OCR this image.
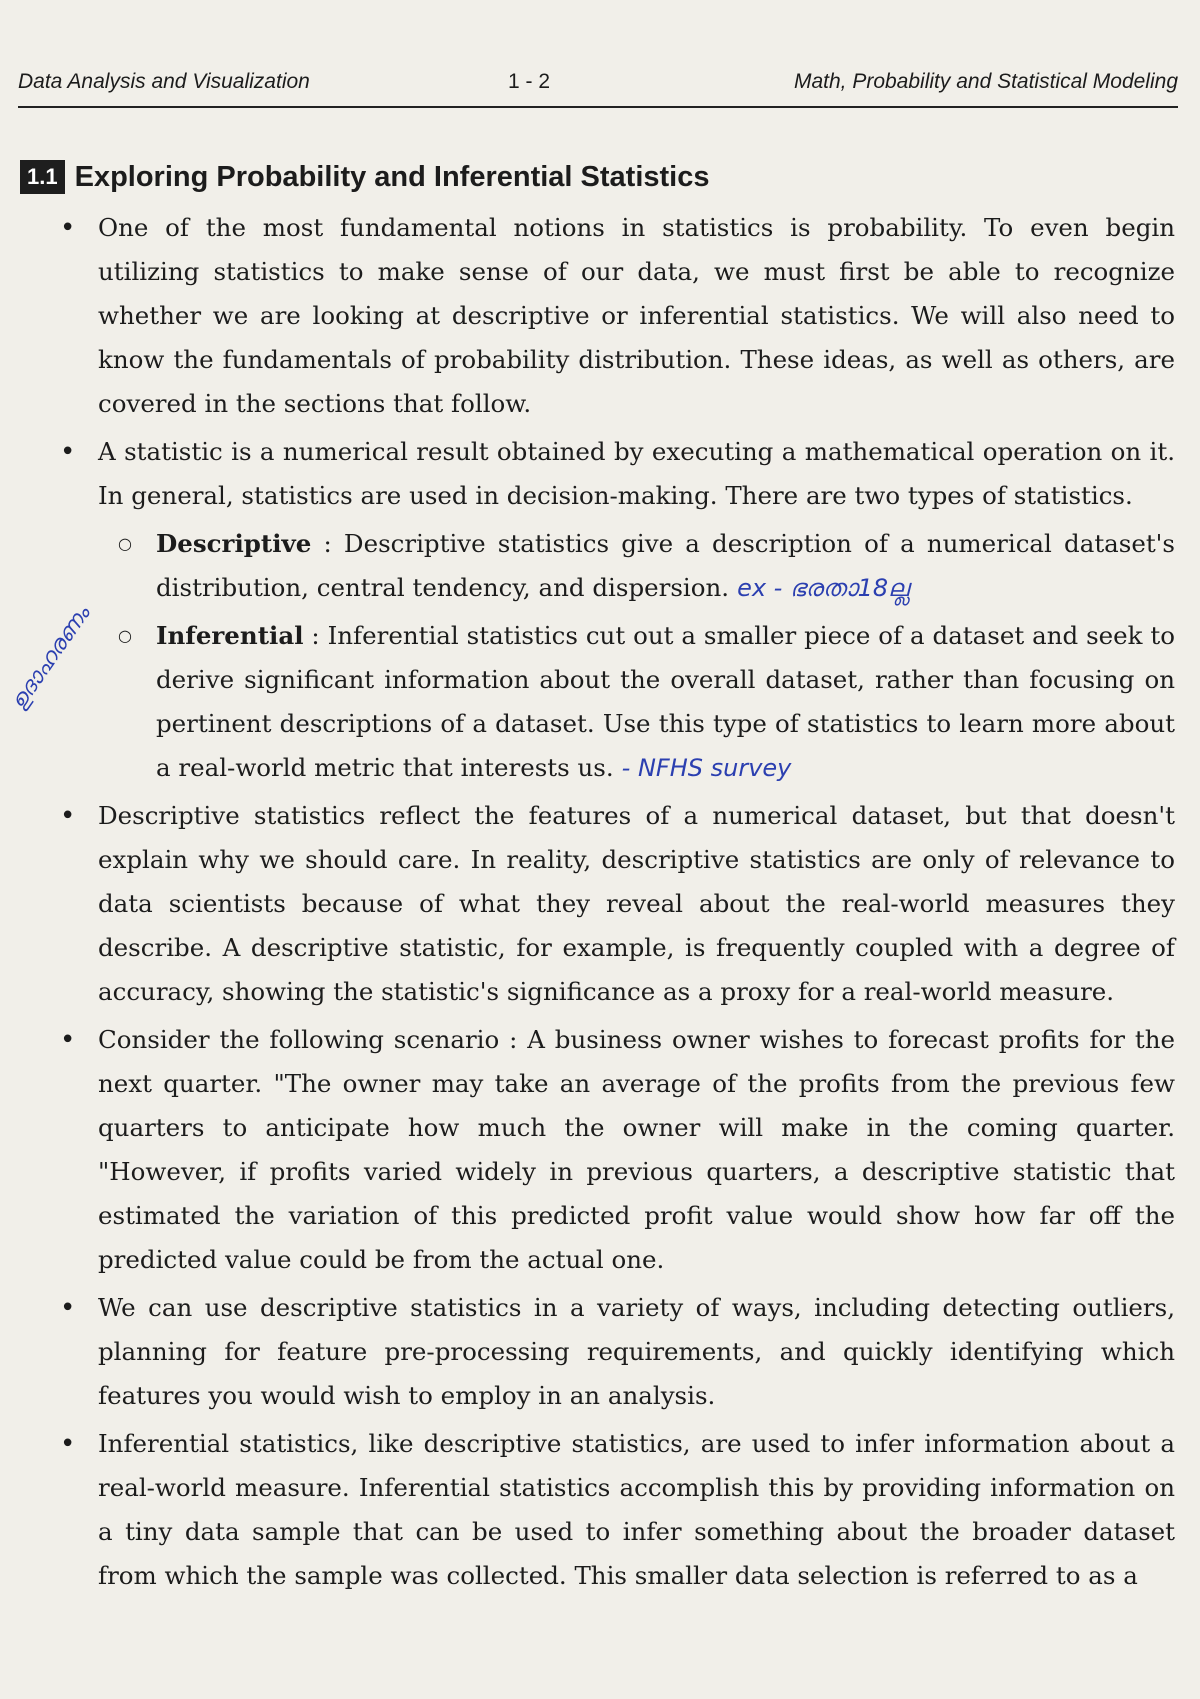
Data Analysis and Visualization	1 - 2	Math, Probability and Statistical Modeling
1.1 Exploring Probability and Inferential Statistics
ഉദാഹരണം

• One of the most fundamental notions in statistics is probability. To even begin utilizing statistics to make sense of our data, we must first be able to recognize whether we are looking at descriptive or inferential statistics. We will also need to know the fundamentals of probability distribution. These ideas, as well as others, are covered in the sections that follow.

• A statistic is a numerical result obtained by executing a mathematical operation on it. In general, statistics are used in decision-making. There are two types of statistics.

○ Descriptive : Descriptive statistics give a description of a numerical dataset's distribution, central tendency, and dispersion. ex - ഭരതാ18ല്ല

○ Inferential : Inferential statistics cut out a smaller piece of a dataset and seek to derive significant information about the overall dataset, rather than focusing on pertinent descriptions of a dataset. Use this type of statistics to learn more about a real-world metric that interests us. - NFHS survey

• Descriptive statistics reflect the features of a numerical dataset, but that doesn't explain why we should care. In reality, descriptive statistics are only of relevance to data scientists because of what they reveal about the real-world measures they describe. A descriptive statistic, for example, is frequently coupled with a degree of accuracy, showing the statistic's significance as a proxy for a real-world measure.

• Consider the following scenario : A business owner wishes to forecast profits for the next quarter. "The owner may take an average of the profits from the previous few quarters to anticipate how much the owner will make in the coming quarter. "However, if profits varied widely in previous quarters, a descriptive statistic that estimated the variation of this predicted profit value would show how far off the predicted value could be from the actual one.

• We can use descriptive statistics in a variety of ways, including detecting outliers, planning for feature pre-processing requirements, and quickly identifying which features you would wish to employ in an analysis.

• Inferential statistics, like descriptive statistics, are used to infer information about a real-world measure. Inferential statistics accomplish this by providing information on a tiny data sample that can be used to infer something about the broader dataset from which the sample was collected. This smaller data selection is referred to as a
